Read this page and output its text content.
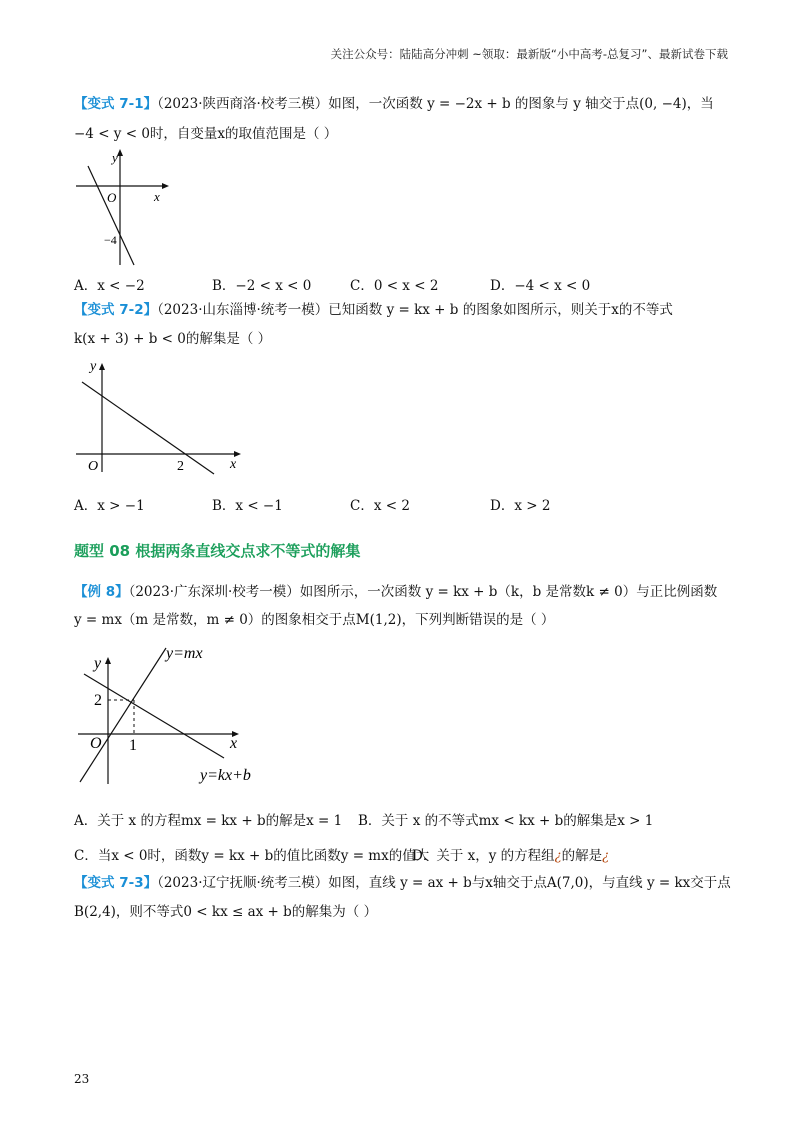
关注公众号：陆陆高分冲刺 ~领取：最新版“小中高考-总复习”、最新试卷下载
【变式 7-1】（2023·陕西商洛·校考三模）如图，一次函数 y = −2x + b 的图象与 y 轴交于点(0, −4)，当
−4 < y < 0时，自变量x的取值范围是（ ）
y
x
O
−4
A．x < −2	B．−2 < x < 0	C．0 < x < 2	D．−4 < x < 0
【变式 7-2】（2023·山东淄博·统考一模）已知函数 y = kx + b 的图象如图所示，则关于x的不等式
k(x + 3) + b < 0的解集是（ ）
y
x
O	2
A．x > −1	B．x < −1	C．x < 2	D．x > 2
题型 08 根据两条直线交点求不等式的解集
【例 8】（2023·广东深圳·校考一模）如图所示，一次函数 y = kx + b（k，b 是常数k ≠ 0）与正比例函数
y = mx（m 是常数，m ≠ 0）的图象相交于点M(1,2)，下列判断错误的是（ ）
y
x
O 1
2
y=mx
y=kx+b
A．关于 x 的方程mx = kx + b的解是x = 1 B．关于 x 的不等式mx < kx + b的解集是x > 1
C．当x < 0时，函数y = kx + b的值比函数y = mx的值大
D．关于 x，y 的方程组¿的解是¿
【变式 7-3】（2023·辽宁抚顺·统考三模）如图，直线 y = ax + b与x轴交于点A(7,0)，与直线 y = kx交于点
B(2,4)，则不等式0 < kx ≤ ax + b的解集为（ ）
23
